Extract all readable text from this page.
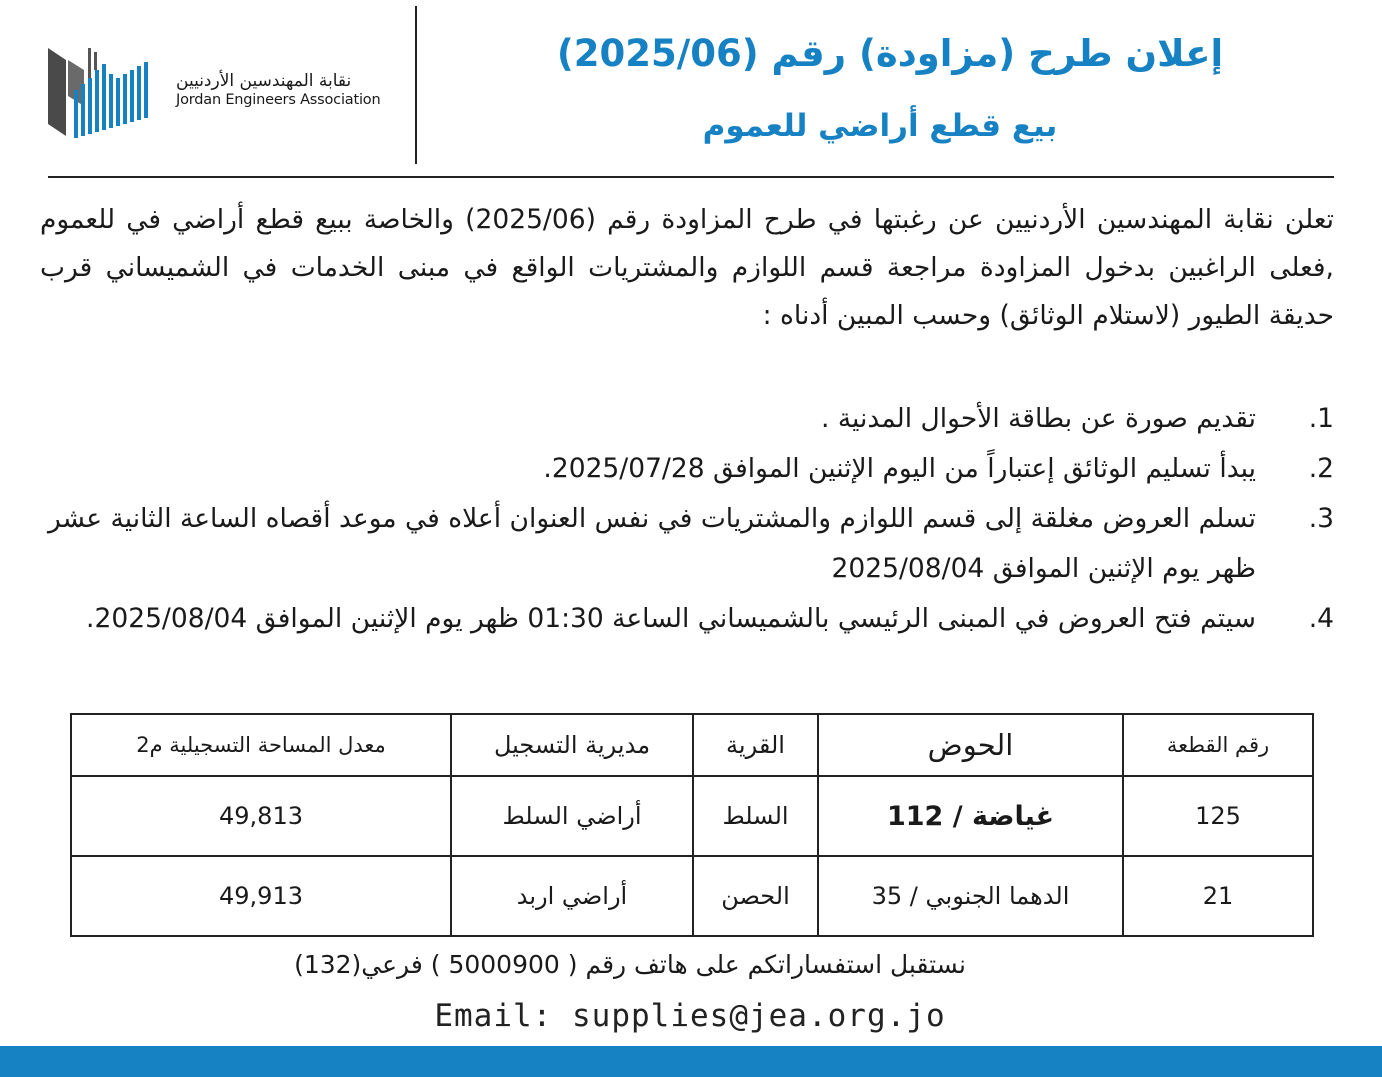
نقابة المهندسين الأردنيين
Jordan Engineers Association
إعلان طرح (مزاودة) رقم (2025/06)
بيع قطع أراضي للعموم

تعلن نقابة المهندسين الأردنيين عن رغبتها في طرح المزاودة رقم (2025/06) والخاصة ببيع قطع أراضي في للعموم ,فعلى الراغبين بدخول المزاودة مراجعة قسم اللوازم والمشتريات الواقع في مبنى الخدمات في الشميساني قرب حديقة الطيور (لاستلام الوثائق) وحسب المبين أدناه :

1.
تقديم صورة عن بطاقة الأحوال المدنية .
2.
يبدأ تسليم الوثائق إعتباراً من اليوم الإثنين الموافق 2025/07/28.
3.
تسلم العروض مغلقة إلى قسم اللوازم والمشتريات في نفس العنوان أعلاه في موعد أقصاه الساعة الثانية عشر ظهر يوم الإثنين الموافق 2025/08/04
4.
سيتم فتح العروض في المبنى الرئيسي بالشميساني الساعة 01:30 ظهر يوم الإثنين الموافق 2025/08/04.
رقم القطعة	الحوض	القرية	مديرية التسجيل	معدل المساحة التسجيلية م2
125	غياضة / 112	السلط	أراضي السلط	49,813
21	الدهما الجنوبي / 35	الحصن	أراضي اربد	49,913
نستقبل استفساراتكم على هاتف رقم ( 5000900 ) فرعي(132)
Email: supplies@jea.org.jo
